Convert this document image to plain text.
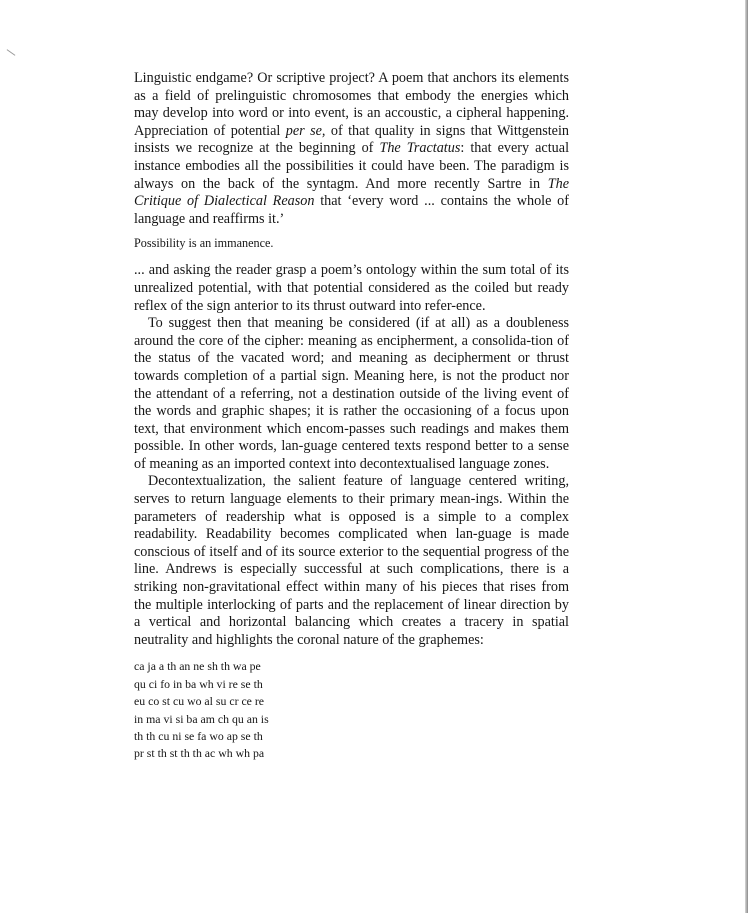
Linguistic endgame? Or scriptive project? A poem that anchors its elements as a field of prelinguistic chromosomes that embody the energies which may develop into word or into event, is an accoustic, a cipheral happening. Appreciation of potential per se, of that quality in signs that Wittgenstein insists we recognize at the beginning of The Tractatus: that every actual instance embodies all the possibilities it could have been. The paradigm is always on the back of the syntagm. And more recently Sartre in The Critique of Dialectical Reason that ‘every word ... contains the whole of language and reaffirms it.’

Possibility is an immanence.

... and asking the reader grasp a poem’s ontology within the sum total of its unrealized potential, with that potential considered as the coiled but ready reflex of the sign anterior to its thrust outward into refer-ence.

To suggest then that meaning be considered (if at all) as a doubleness around the core of the cipher: meaning as encipherment, a consolida-tion of the status of the vacated word; and meaning as decipherment or thrust towards completion of a partial sign. Meaning here, is not the product nor the attendant of a referring, not a destination outside of the living event of the words and graphic shapes; it is rather the occasioning of a focus upon text, that environment which encom-passes such readings and makes them possible. In other words, lan-guage centered texts respond better to a sense of meaning as an imported context into decontextualised language zones.

Decontextualization, the salient feature of language centered writing, serves to return language elements to their primary mean-ings. Within the parameters of readership what is opposed is a simple to a complex readability. Readability becomes complicated when lan-guage is made conscious of itself and of its source exterior to the sequential progress of the line. Andrews is especially successful at such complications, there is a striking non-gravitational effect within many of his pieces that rises from the multiple interlocking of parts and the replacement of linear direction by a vertical and horizontal balancing which creates a tracery in spatial neutrality and highlights the coronal nature of the graphemes:

ca ja a th an ne sh th wa pe
qu ci fo in ba wh vi re se th
eu co st cu wo al su cr ce re
in ma vi si ba am ch qu an is
th th cu ni se fa wo ap se th
pr st th st th th ac wh wh pa
